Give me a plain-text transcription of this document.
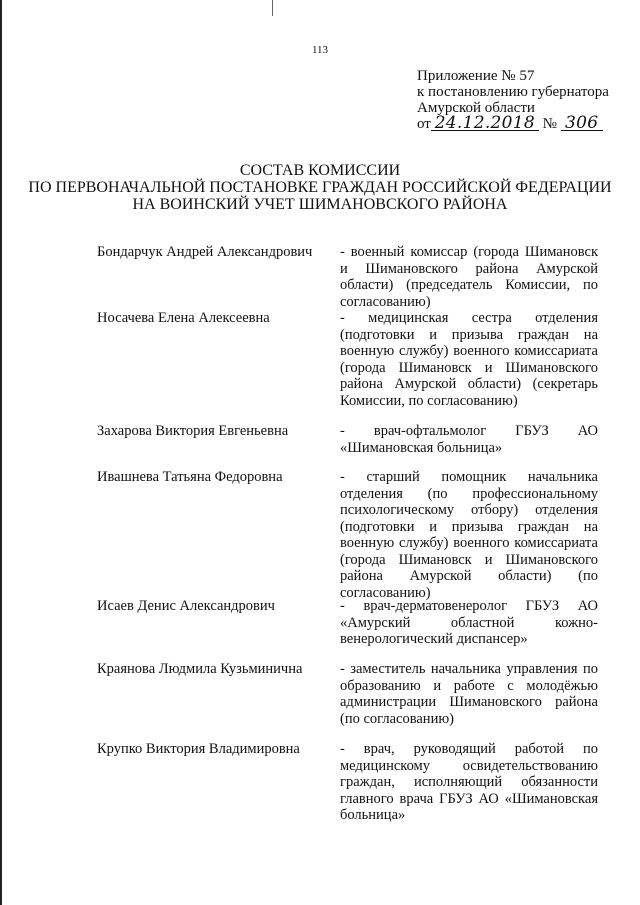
113
Приложение № 57
к постановлению губернатора
Амурской области
от 24.12.2018 № 306
СОСТАВ КОМИССИИ
ПО ПЕРВОНАЧАЛЬНОЙ ПОСТАНОВКЕ ГРАЖДАН РОССИЙСКОЙ ФЕДЕРАЦИИ
НА ВОИНСКИЙ УЧЕТ ШИМАНОВСКОГО РАЙОНА
Бондарчук Андрей Александрович - военный комиссар (города Шимановск и Шимановского района Амурской области) (председатель Комиссии, по согласованию)
Носачева Елена Алексеевна	- медицинская сестра отделения (подготовки и призыва граждан на военную службу) военного комиссариата (города Шимановск и Шимановского района Амурской области) (секретарь Комиссии, по согласованию)
Захарова Виктория Евгеньевна	- врач-офтальмолог ГБУЗ АО «Шимановская больница»
Ивашнева Татьяна Федоровна	- старший помощник начальника отделения (по профессиональному психологическому отбору) отделения (подготовки и призыва граждан на военную службу) военного комиссариата (города Шимановск и Шимановского района Амурской области) (по согласованию)
Исаев Денис Александрович	- врач-дерматовенеролог ГБУЗ АО «Амурский областной кожно-венерологический диспансер»
Краянова Людмила Кузьминична	- заместитель начальника управления по образованию и работе с молодёжью администрации Шимановского района (по согласованию)
Крупко Виктория Владимировна	- врач, руководящий работой по медицинскому освидетельствованию граждан, исполняющий обязанности главного врача ГБУЗ АО «Шимановская больница»
